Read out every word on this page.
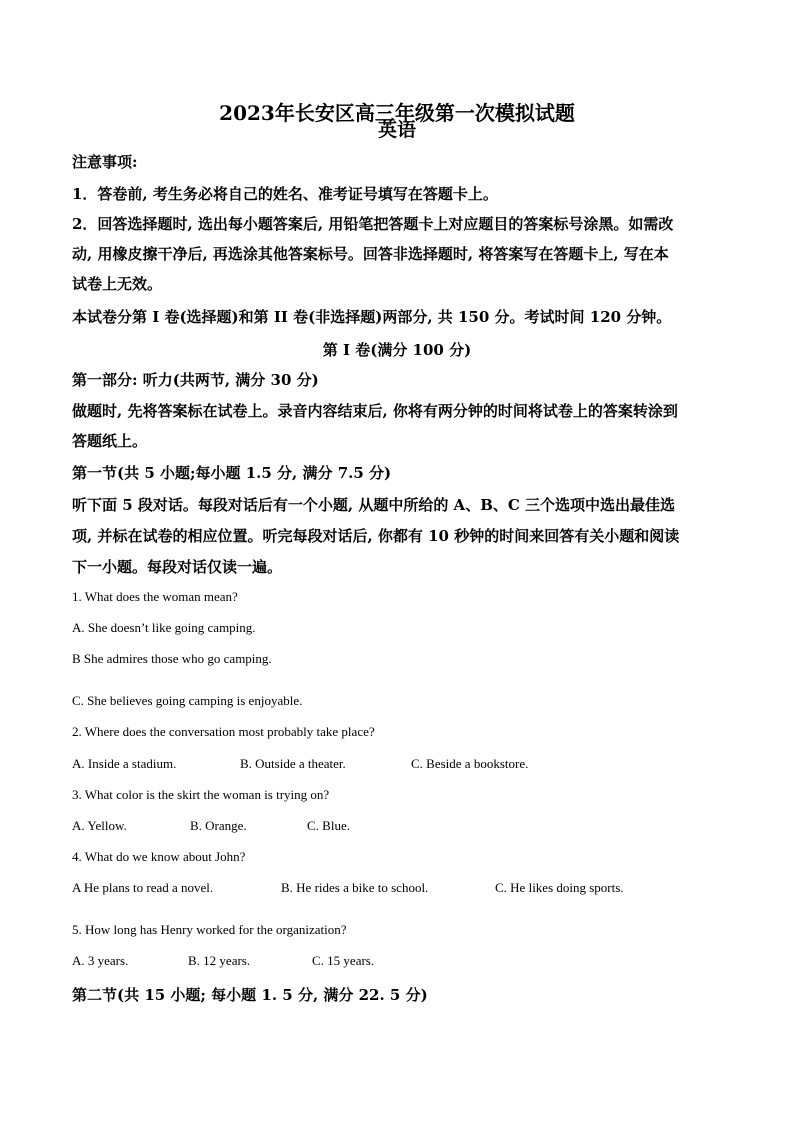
2023年长安区高三年级第一次模拟试题
英语
注意事项:
1．答卷前, 考生务必将自己的姓名、准考证号填写在答题卡上。
2．回答选择题时, 选出每小题答案后, 用铅笔把答题卡上对应题目的答案标号涂黑。如需改
动, 用橡皮擦干净后, 再选涂其他答案标号。回答非选择题时, 将答案写在答题卡上, 写在本
试卷上无效。
本试卷分第 I 卷(选择题)和第 II 卷(非选择题)两部分, 共 150 分。考试时间 120 分钟。
第 I 卷(满分 100 分)
第一部分: 听力(共两节, 满分 30 分)
做题时, 先将答案标在试卷上。录音内容结束后, 你将有两分钟的时间将试卷上的答案转涂到
答题纸上。
第一节(共 5 小题;每小题 1.5 分, 满分 7.5 分)
听下面 5 段对话。每段对话后有一个小题, 从题中所给的 A、B、C 三个选项中选出最佳选
项, 并标在试卷的相应位置。听完每段对话后, 你都有 10 秒钟的时间来回答有关小题和阅读
下一小题。每段对话仅读一遍。
1. What does the woman mean?
A. She doesn’t like going camping.
B She admires those who go camping.
C. She believes going camping is enjoyable.
2. Where does the conversation most probably take place?
A. Inside a stadium.	B. Outside a theater.	C. Beside a bookstore.
3. What color is the skirt the woman is trying on?
A. Yellow.	B. Orange.	C. Blue.
4. What do we know about John?
A He plans to read a novel.	B. He rides a bike to school.	C. He likes doing sports.
5. How long has Henry worked for the organization?
A. 3 years.	B. 12 years.	C. 15 years.
第二节(共 15 小题; 每小题 1. 5 分, 满分 22. 5 分)
